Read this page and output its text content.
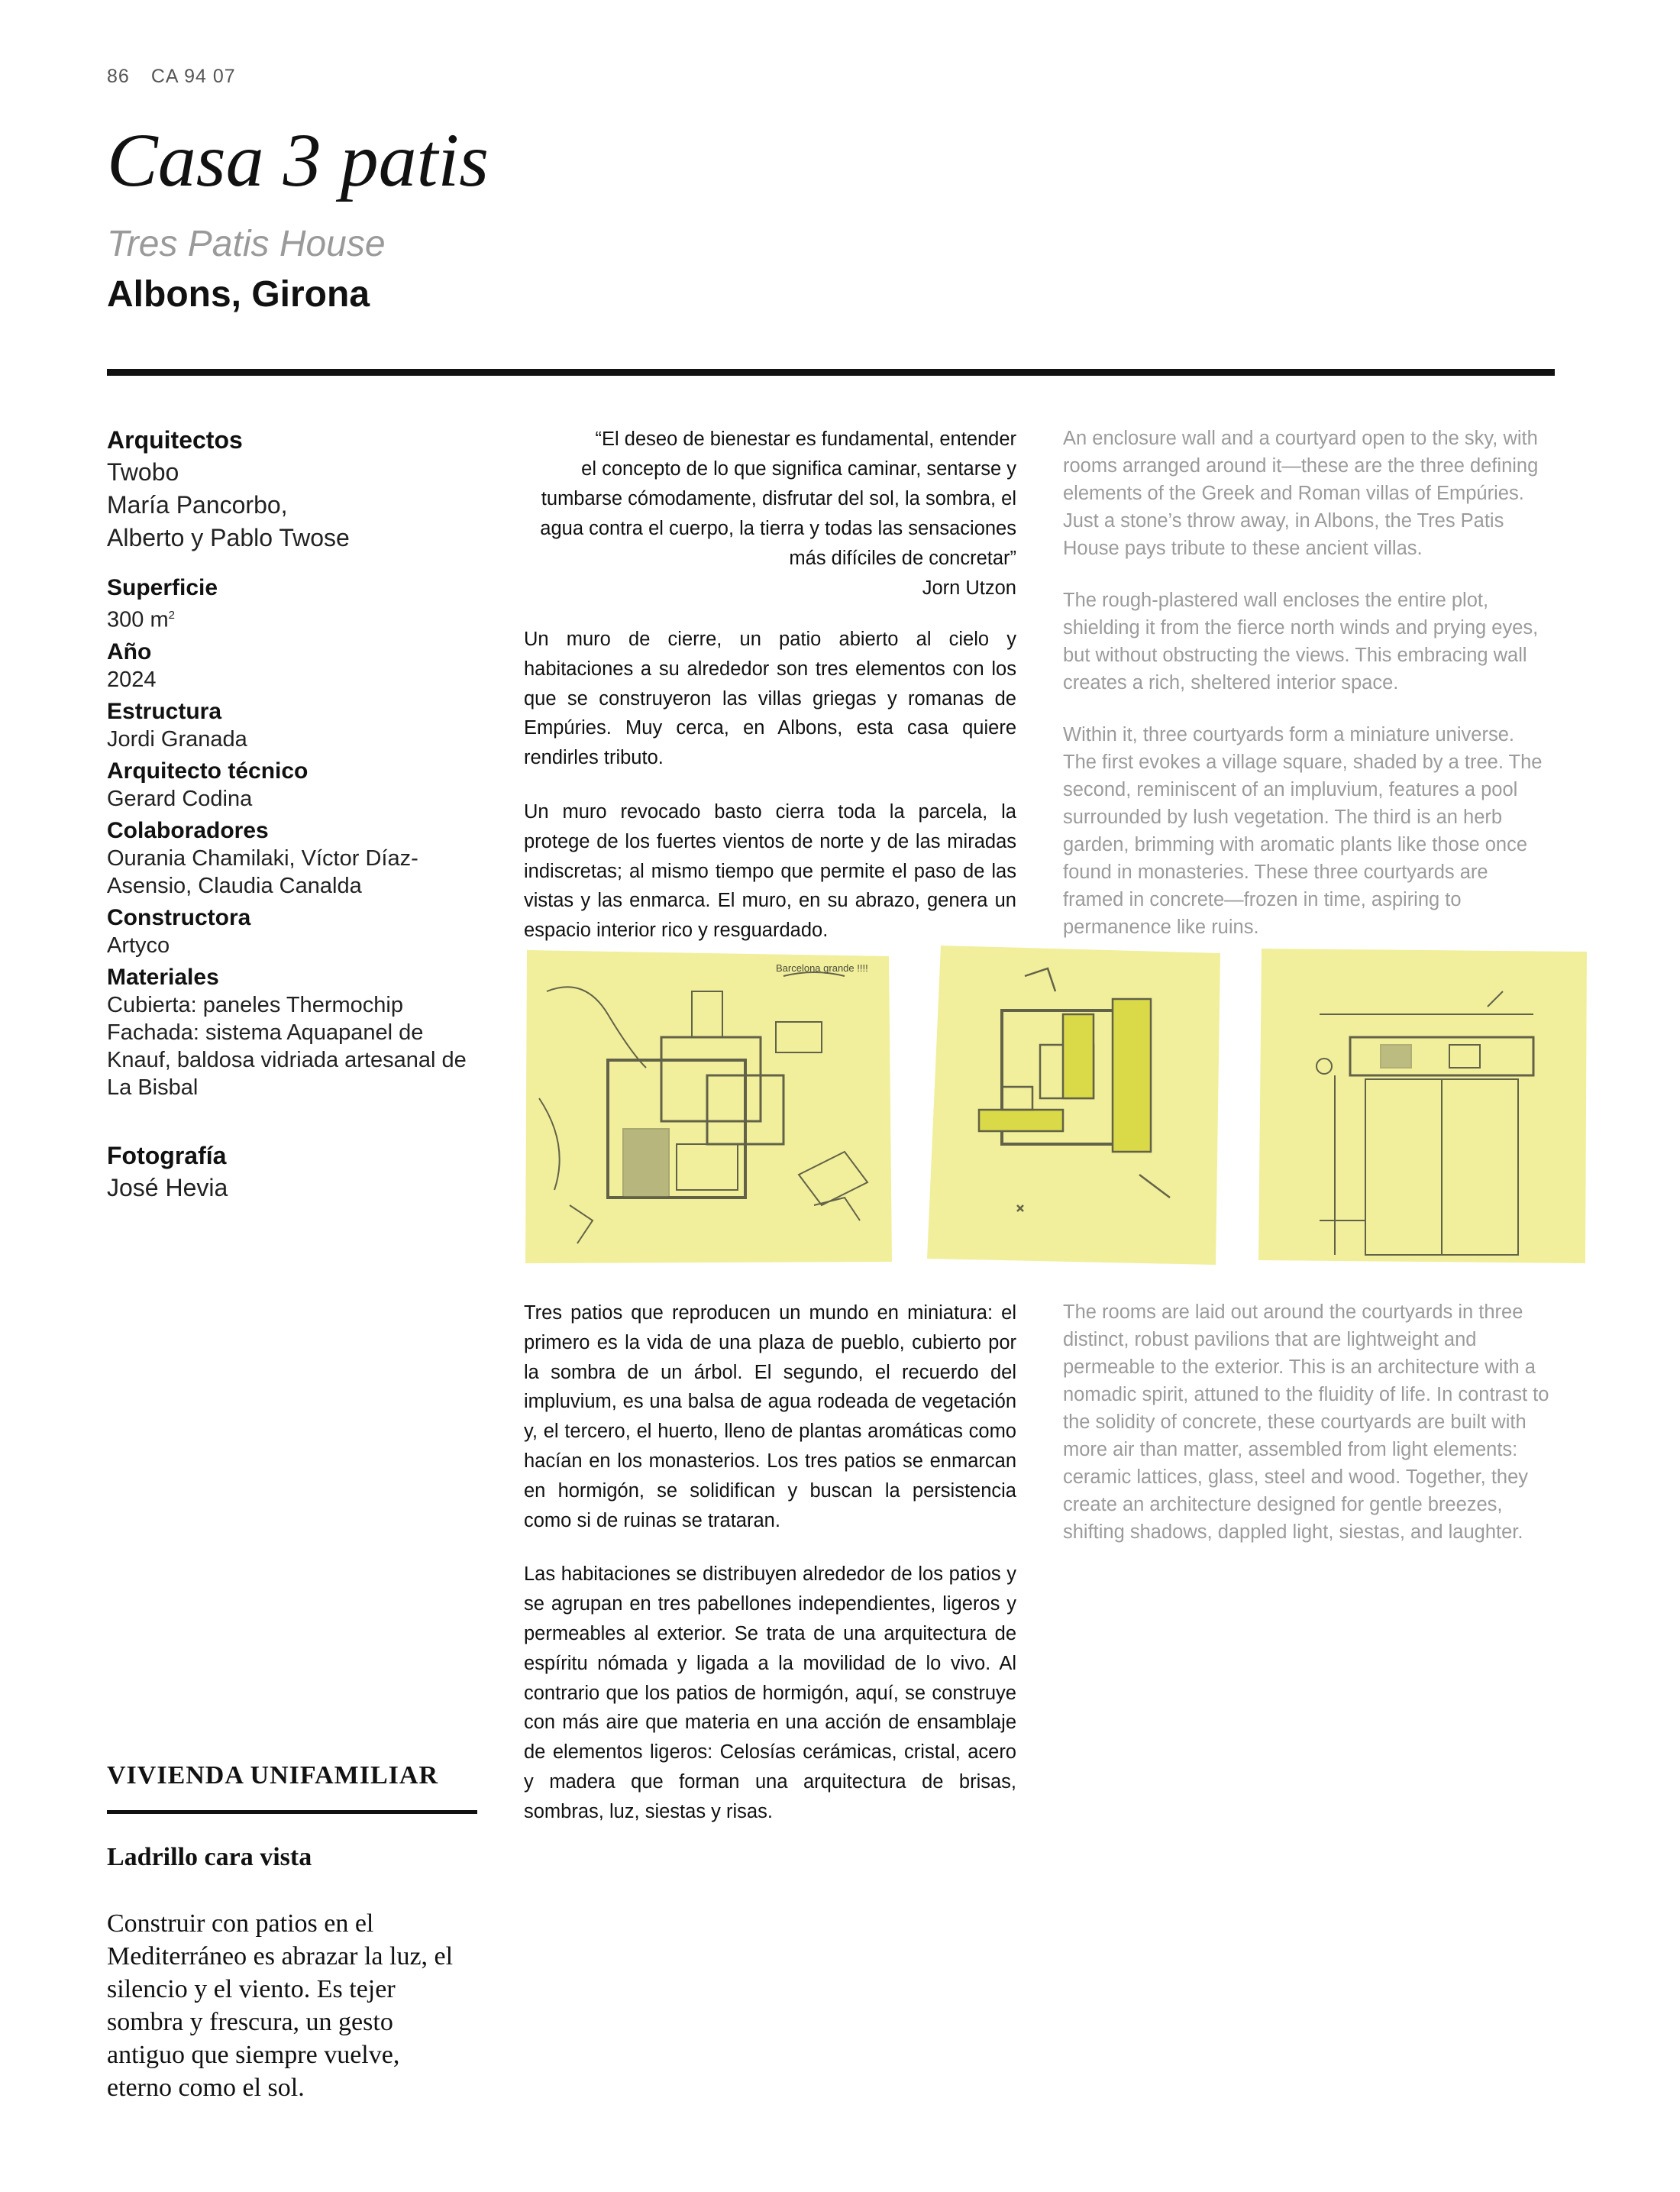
86 CA 94 07
Casa 3 patis
Tres Patis House
Albons, Girona
Arquitectos
Twobo
María Pancorbo,
Alberto y Pablo Twose
Superficie
300 $m^2$
Año
2024
Estructura
Jordi Granada
Arquitecto técnico
Gerard Codina
Colaboradores
Ourania Chamilaki, Víctor Díaz-
Asensio, Claudia Canalda
Constructora
Artyco
Materiales
Cubierta: paneles Thermochip
Fachada: sistema Aquapanel de
Knauf, baldosa vidriada artesanal de
La Bisbal
Fotografía
José Hevia
VIVIENDA UNIFAMILIAR
Ladrillo cara vista
Construir con patios en el Mediterráneo es abrazar la luz, el silencio y el viento. Es tejer sombra y frescura, un gesto antiguo que siempre vuelve, eterno como el sol.
“El deseo de bienestar es fundamental, entender
el concepto de lo que significa caminar, sentarse y
tumbarse cómodamente, disfrutar del sol, la sombra, el
agua contra el cuerpo, la tierra y todas las sensaciones
más difíciles de concretar”
Jorn Utzon

Un muro de cierre, un patio abierto al cielo y habitaciones a su alrededor son tres elementos con los que se construyeron las villas griegas y romanas de Empúries. Muy cerca, en Albons, esta casa quiere rendirles tributo.

Un muro revocado basto cierra toda la parcela, la protege de los fuertes vientos de norte y de las miradas indiscretas; al mismo tiempo que permite el paso de las vistas y las enmarca. El muro, en su abrazo, genera un espacio interior rico y resguardado.

An enclosure wall and a courtyard open to the sky, with rooms arranged around it—these are the three defining elements of the Greek and Roman villas of Empúries. Just a stone’s throw away, in Albons, the Tres Patis House pays tribute to these ancient villas.

The rough-plastered wall encloses the entire plot, shielding it from the fierce north winds and prying eyes, but without obstructing the views. This embracing wall creates a rich, sheltered interior space.

Within it, three courtyards form a miniature universe. The first evokes a village square, shaded by a tree. The second, reminiscent of an impluvium, features a pool surrounded by lush vegetation. The third is an herb garden, brimming with aromatic plants like those once found in monasteries. These three courtyards are framed in concrete—frozen in time, aspiring to permanence like ruins.

Barcelona grande !!!!

Tres patios que reproducen un mundo en miniatura: el primero es la vida de una plaza de pueblo, cubierto por la sombra de un árbol. El segundo, el recuerdo del impluvium, es una balsa de agua rodeada de vegetación y, el tercero, el huerto, lleno de plantas aromáticas como hacían en los monasterios. Los tres patios se enmarcan en hormigón, se solidifican y buscan la persistencia como si de ruinas se trataran.

Las habitaciones se distribuyen alrededor de los patios y se agrupan en tres pabellones independientes, ligeros y permeables al exterior. Se trata de una arquitectura de espíritu nómada y ligada a la movilidad de lo vivo. Al contrario que los patios de hormigón, aquí, se construye con más aire que materia en una acción de ensamblaje de elementos ligeros: Celosías cerámicas, cristal, acero y madera que forman una arquitectura de brisas, sombras, luz, siestas y risas.

The rooms are laid out around the courtyards in three distinct, robust pavilions that are lightweight and permeable to the exterior. This is an architecture with a nomadic spirit, attuned to the fluidity of life. In contrast to the solidity of concrete, these courtyards are built with more air than matter, assembled from light elements: ceramic lattices, glass, steel and wood. Together, they create an architecture designed for gentle breezes, shifting shadows, dappled light, siestas, and laughter.
